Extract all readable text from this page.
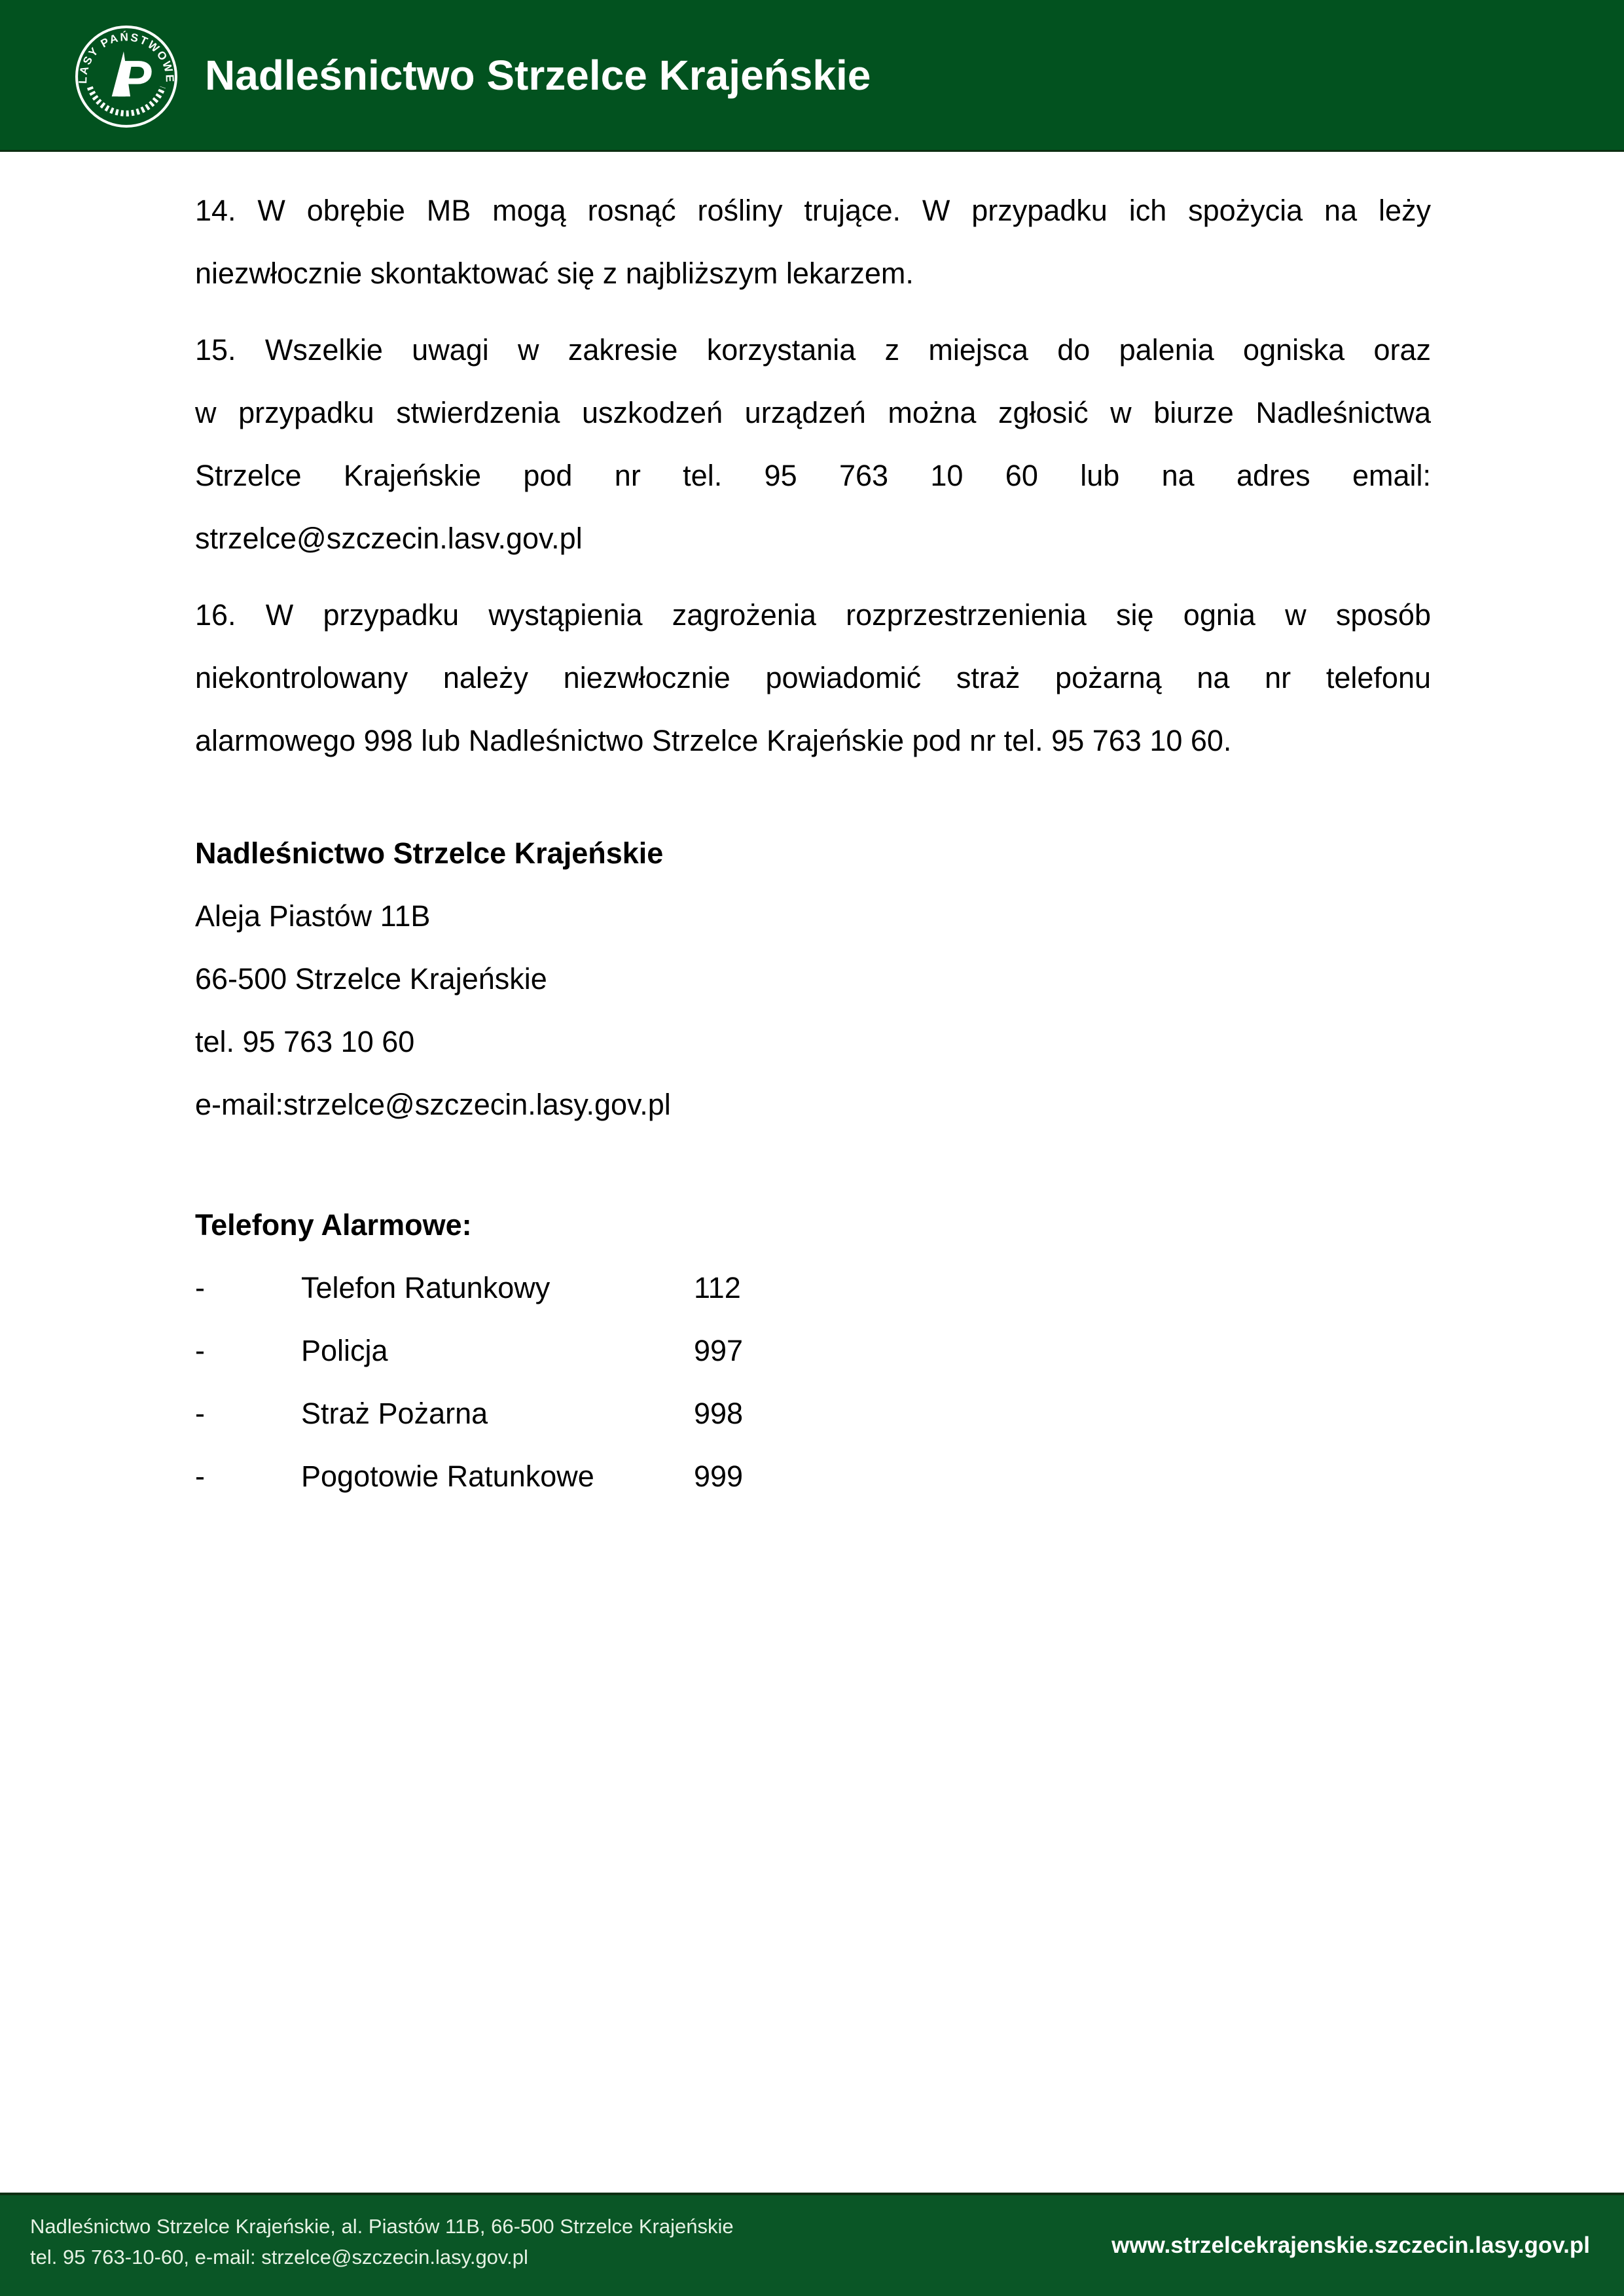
LASY PAŃSTWOWE
P Nadleśnictwo Strzelce Krajeńskie
14. W obrębie MB mogą rosnąć rośliny trujące. W przypadku ich spożycia na leży
niezwłocznie skontaktować się z najbliższym lekarzem.
15. Wszelkie uwagi w zakresie korzystania z miejsca do palenia ogniska oraz
w przypadku stwierdzenia uszkodzeń urządzeń można zgłosić w biurze Nadleśnictwa
Strzelce Krajeńskie pod nr tel. 95 763 10 60 lub na adres email:
strzelce@szczecin.lasv.gov.pl
16. W przypadku wystąpienia zagrożenia rozprzestrzenienia się ognia w sposób
niekontrolowany należy niezwłocznie powiadomić straż pożarną na nr telefonu
alarmowego 998 lub Nadleśnictwo Strzelce Krajeńskie pod nr tel. 95 763 10 60.
Nadleśnictwo Strzelce Krajeńskie
Aleja Piastów 11B
66-500 Strzelce Krajeńskie
tel. 95 763 10 60
e-mail:strzelce@szczecin.lasy.gov.pl
Telefony Alarmowe:
-	Telefon Ratunkowy	112
-	Policja	997
-	Straż Pożarna	998
-	Pogotowie Ratunkowe	999
Nadleśnictwo Strzelce Krajeńskie, al. Piastów 11B, 66-500 Strzelce Krajeńskie
tel. 95 763-10-60, e-mail: strzelce@szczecin.lasy.gov.pl	www.strzelcekrajenskie.szczecin.lasy.gov.pl
